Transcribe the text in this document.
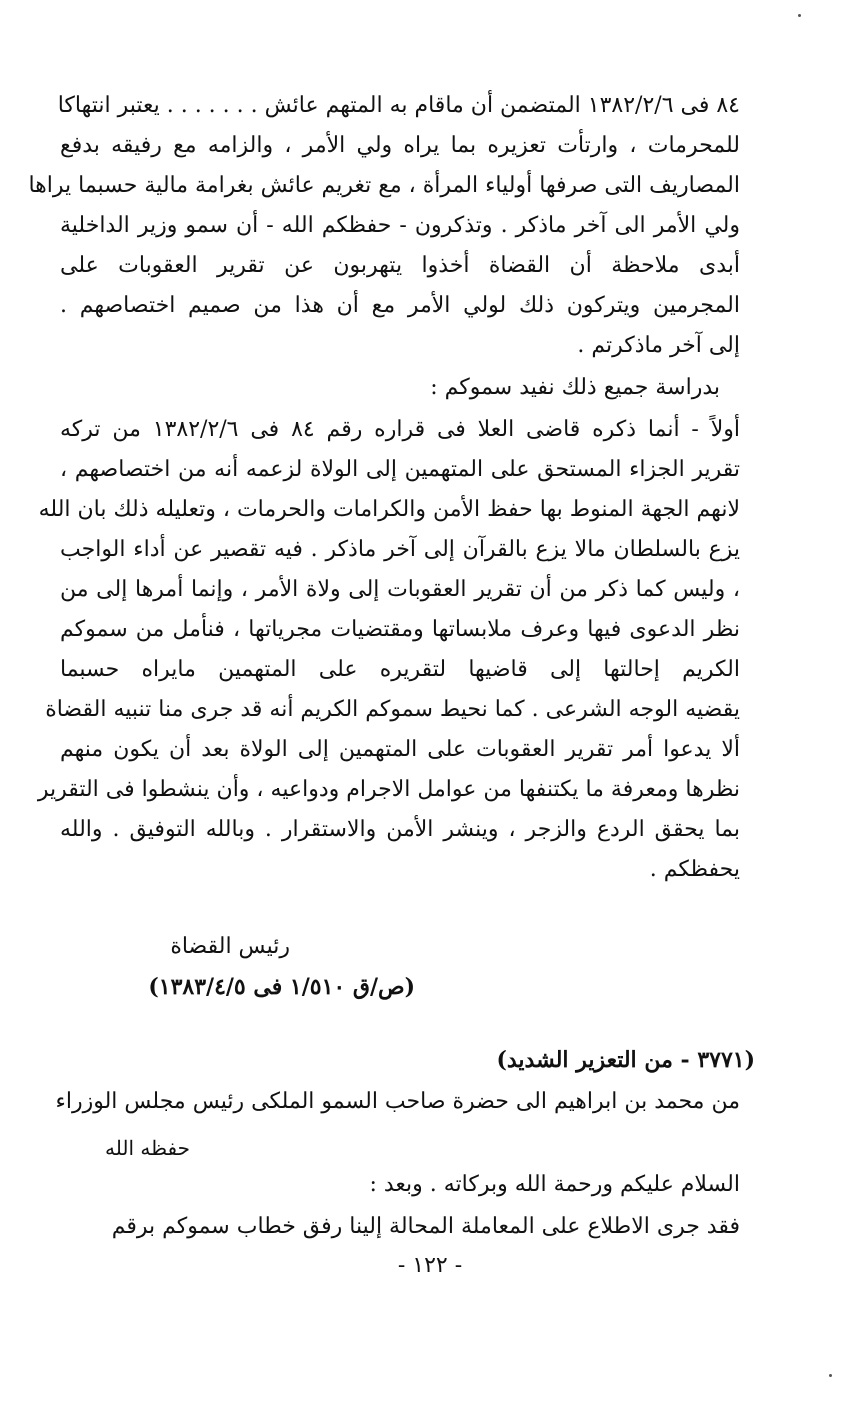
٨٤ فى ١٣٨٢/٢/٦ المتضمن أن ماقام به المتهم عائش . . . . . . . يعتبر انتهاكا
للمحرمات ، وارتأت تعزيره بما يراه ولي الأمر ، والزامه مع رفيقه بدفع
المصاريف التى صرفها أولياء المرأة ، مع تغريم عائش بغرامة مالية حسبما يراها
ولي الأمر الى آخر ماذكر . وتذكرون - حفظكم الله - أن سمو وزير الداخلية
أبدى ملاحظة أن القضاة أخذوا يتهربون عن تقرير العقوبات على
المجرمين ويتركون ذلك لولي الأمر مع أن هذا من صميم اختصاصهم .
إلى آخر ماذكرتم .
بدراسة جميع ذلك نفيد سموكم :
أولاً - أنما ذكره قاضى العلا فى قراره رقم ٨٤ فى ١٣٨٢/٢/٦ من تركه
تقرير الجزاء المستحق على المتهمين إلى الولاة لزعمه أنه من اختصاصهم ،
لانهم الجهة المنوط بها حفظ الأمن والكرامات والحرمات ، وتعليله ذلك بان الله
يزع بالسلطان مالا يزع بالقرآن إلى آخر ماذكر . فيه تقصير عن أداء الواجب
، وليس كما ذكر من أن تقرير العقوبات إلى ولاة الأمر ، وإنما أمرها إلى من
نظر الدعوى فيها وعرف ملابساتها ومقتضيات مجرياتها ، فنأمل من سموكم
الكريم إحالتها إلى قاضيها لتقريره على المتهمين مايراه حسبما
يقضيه الوجه الشرعى . كما نحيط سموكم الكريم أنه قد جرى منا تنبيه القضاة
ألا يدعوا أمر تقرير العقوبات على المتهمين إلى الولاة بعد أن يكون منهم
نظرها ومعرفة ما يكتنفها من عوامل الاجرام ودواعيه ، وأن ينشطوا فى التقرير
بما يحقق الردع والزجر ، وينشر الأمن والاستقرار . وبالله التوفيق . والله
يحفظكم .
رئيس القضاة
(ص/ق ١/٥١٠ فى ١٣٨٣/٤/٥)
(٣٧٧١ - من التعزير الشديد)
من محمد بن ابراهيم الى حضرة صاحب السمو الملكى رئيس مجلس الوزراء
حفظه الله
السلام عليكم ورحمة الله وبركاته . وبعد :
فقد جرى الاطلاع على المعاملة المحالة إلينا رفق خطاب سموكم برقم
- ١٢٢ -
